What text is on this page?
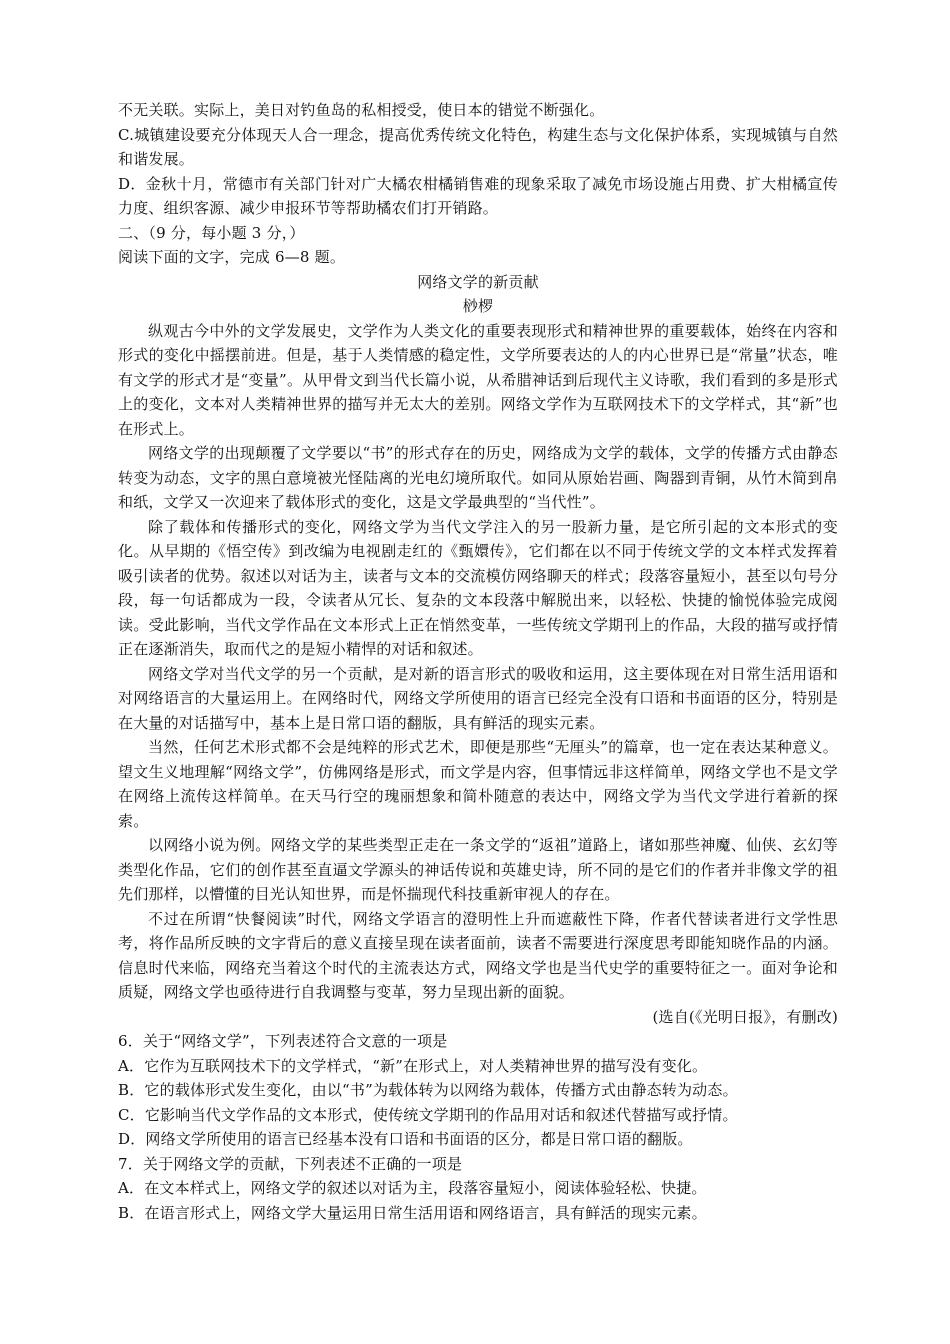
不无关联。实际上，美日对钓鱼岛的私相授受，使日本的错觉不断强化。

C.城镇建设要充分体现天人合一理念，提高优秀传统文化特色，构建生态与文化保护体系，实现城镇与自然和谐发展。

D．金秋十月，常德市有关部门针对广大橘农柑橘销售难的现象采取了减免市场设施占用费、扩大柑橘宣传力度、组织客源、减少申报环节等帮助橘农们打开销路。

二、（9 分，每小题 3 分，）

阅读下面的文字，完成 6—8 题。

网络文学的新贡献

桫椤

纵观古今中外的文学发展史，文学作为人类文化的重要表现形式和精神世界的重要载体，始终在内容和形式的变化中摇摆前进。但是，基于人类情感的稳定性，文学所要表达的人的内心世界已是“常量”状态，唯有文学的形式才是“变量”。从甲骨文到当代长篇小说，从希腊神话到后现代主义诗歌，我们看到的多是形式上的变化，文本对人类精神世界的描写并无太大的差别。网络文学作为互联网技术下的文学样式，其“新”也在形式上。

网络文学的出现颠覆了文学要以“书”的形式存在的历史，网络成为文学的载体，文学的传播方式由静态转变为动态，文字的黑白意境被光怪陆离的光电幻境所取代。如同从原始岩画、陶器到青铜，从竹木简到帛和纸，文学又一次迎来了载体形式的变化，这是文学最典型的“当代性”。

除了载体和传播形式的变化，网络文学为当代文学注入的另一股新力量，是它所引起的文本形式的变化。从早期的《悟空传》到改编为电视剧走红的《甄嬛传》，它们都在以不同于传统文学的文本样式发挥着吸引读者的优势。叙述以对话为主，读者与文本的交流模仿网络聊天的样式；段落容量短小，甚至以句号分段，每一句话都成为一段，令读者从冗长、复杂的文本段落中解脱出来，以轻松、快捷的愉悦体验完成阅读。受此影响，当代文学作品在文本形式上正在悄然变革，一些传统文学期刊上的作品，大段的描写或抒情正在逐渐消失，取而代之的是短小精悍的对话和叙述。

网络文学对当代文学的另一个贡献，是对新的语言形式的吸收和运用，这主要体现在对日常生活用语和对网络语言的大量运用上。在网络时代，网络文学所使用的语言已经完全没有口语和书面语的区分，特别是在大量的对话描写中，基本上是日常口语的翻版，具有鲜活的现实元素。

当然，任何艺术形式都不会是纯粹的形式艺术，即便是那些“无厘头”的篇章，也一定在表达某种意义。望文生义地理解“网络文学”，仿佛网络是形式，而文学是内容，但事情远非这样简单，网络文学也不是文学在网络上流传这样简单。在天马行空的瑰丽想象和简朴随意的表达中，网络文学为当代文学进行着新的探索。

以网络小说为例。网络文学的某些类型正走在一条文学的“返祖”道路上，诸如那些神魔、仙侠、玄幻等类型化作品，它们的创作甚至直逼文学源头的神话传说和英雄史诗，所不同的是它们的作者并非像文学的祖先们那样，以懵懂的目光认知世界，而是怀揣现代科技重新审视人的存在。

不过在所谓“快餐阅读”时代，网络文学语言的澄明性上升而遮蔽性下降，作者代替读者进行文学性思考，将作品所反映的文字背后的意义直接呈现在读者面前，读者不需要进行深度思考即能知晓作品的内涵。信息时代来临，网络充当着这个时代的主流表达方式，网络文学也是当代史学的重要特征之一。面对争论和质疑，网络文学也亟待进行自我调整与变革，努力呈现出新的面貌。

(选自(《光明日报》，有删改)

6．关于“网络文学”，下列表述符合文意的一项是

A．它作为互联网技术下的文学样式，“新”在形式上，对人类精神世界的描写没有变化。

B．它的载体形式发生变化，由以“书”为载体转为以网络为载体，传播方式由静态转为动态。

C．它影响当代文学作品的文本形式，使传统文学期刊的作品用对话和叙述代替描写或抒情。

D．网络文学所使用的语言已经基本没有口语和书面语的区分，都是日常口语的翻版。

7．关于网络文学的贡献，下列表述不正确的一项是

A．在文本样式上，网络文学的叙述以对话为主，段落容量短小，阅读体验轻松、快捷。

B．在语言形式上，网络文学大量运用日常生活用语和网络语言，具有鲜活的现实元素。
